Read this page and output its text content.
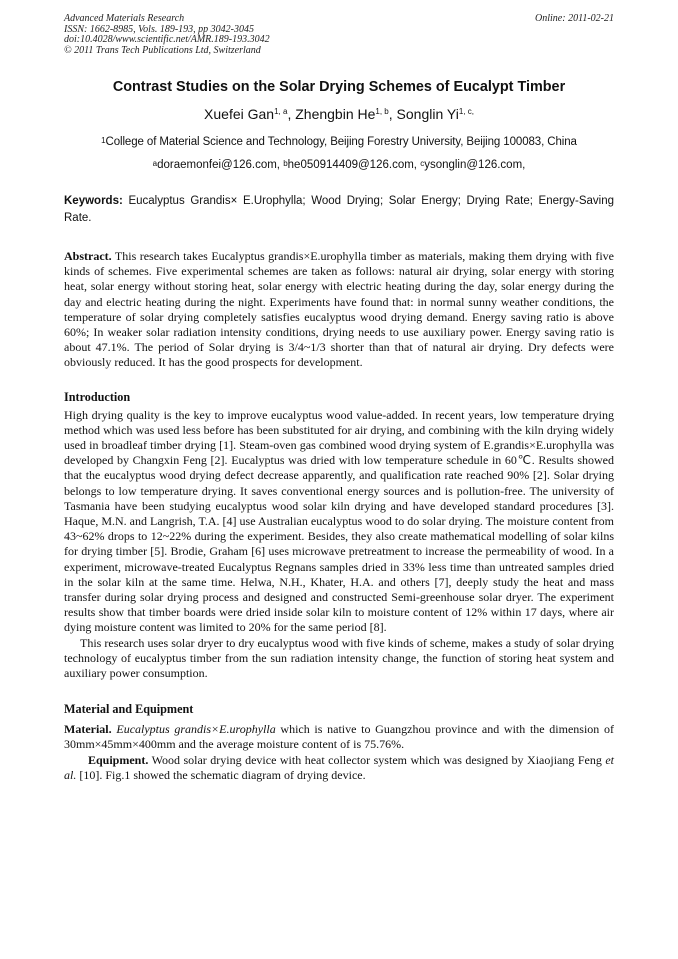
Advanced Materials Research
ISSN: 1662-8985, Vols. 189-193, pp 3042-3045
doi:10.4028/www.scientific.net/AMR.189-193.3042
© 2011 Trans Tech Publications Ltd, Switzerland
Online: 2011-02-21
Contrast Studies on the Solar Drying Schemes of Eucalypt Timber
Xuefei Gan$^{1, a}$, Zhengbin He$^{1, b}$, Songlin $Yi^{1, c,}$
$^1$College of Material Science and Technology, Beijing Forestry University, Beijing 100083, China
$^a$doraemonfei@126.com, $^b$he050914409@126.com, $^c$ysonglin@126.com,
Keywords: Eucalyptus Grandis× E.Urophylla; Wood Drying; Solar Energy; Drying Rate; Energy-Saving Rate.
Abstract. This research takes Eucalyptus grandis×E.urophylla timber as materials, making them drying with five kinds of schemes. Five experimental schemes are taken as follows: natural air drying, solar energy with storing heat, solar energy without storing heat, solar energy with electric heating during the day, solar energy during the day and electric heating during the night. Experiments have found that: in normal sunny weather conditions, the temperature of solar drying completely satisfies eucalyptus wood drying demand. Energy saving ratio is above 60%; In weaker solar radiation intensity conditions, drying needs to use auxiliary power. Energy saving ratio is about 47.1%. The period of Solar drying is 3/4~1/3 shorter than that of natural air drying. Dry defects were obviously reduced. It has the good prospects for development.
Introduction
High drying quality is the key to improve eucalyptus wood value-added. In recent years, low temperature drying method which was used less before has been substituted for air drying, and combining with the kiln drying widely used in broadleaf timber drying [1]. Steam-oven gas combined wood drying system of E.grandis×E.urophylla was developed by Changxin Feng [2]. Eucalyptus was dried with low temperature schedule in 60℃. Results showed that the eucalyptus wood drying defect decrease apparently, and qualification rate reached 90% [2]. Solar drying belongs to low temperature drying. It saves conventional energy sources and is pollution-free. The university of Tasmania have been studying eucalyptus wood solar kiln drying and have developed standard procedures [3]. Haque, M.N. and Langrish, T.A. [4] use Australian eucalyptus wood to do solar drying. The moisture content from 43~62% drops to 12~22% during the experiment. Besides, they also create mathematical modelling of solar kilns for drying timber [5]. Brodie, Graham [6] uses microwave pretreatment to increase the permeability of wood. In a experiment, microwave-treated Eucalyptus Regnans samples dried in 33% less time than untreated samples dried in the solar kiln at the same time. Helwa, N.H., Khater, H.A. and others [7], deeply study the heat and mass transfer during solar drying process and designed and constructed Semi-greenhouse solar dryer. The experiment results show that timber boards were dried inside solar kiln to moisture content of 12% within 17 days, where air dying moisture content was limited to 20% for the same period [8].
This research uses solar dryer to dry eucalyptus wood with five kinds of scheme, makes a study of solar drying technology of eucalyptus timber from the sun radiation intensity change, the function of storing heat system and auxiliary power consumption.
Material and Equipment
Material. Eucalyptus grandis×E.urophylla which is native to Guangzhou province and with the dimension of 30mm×45mm×400mm and the average moisture content of is 75.76%.
Equipment. Wood solar drying device with heat collector system which was designed by Xiaojiang Feng et al. [10]. Fig.1 showed the schematic diagram of drying device.
